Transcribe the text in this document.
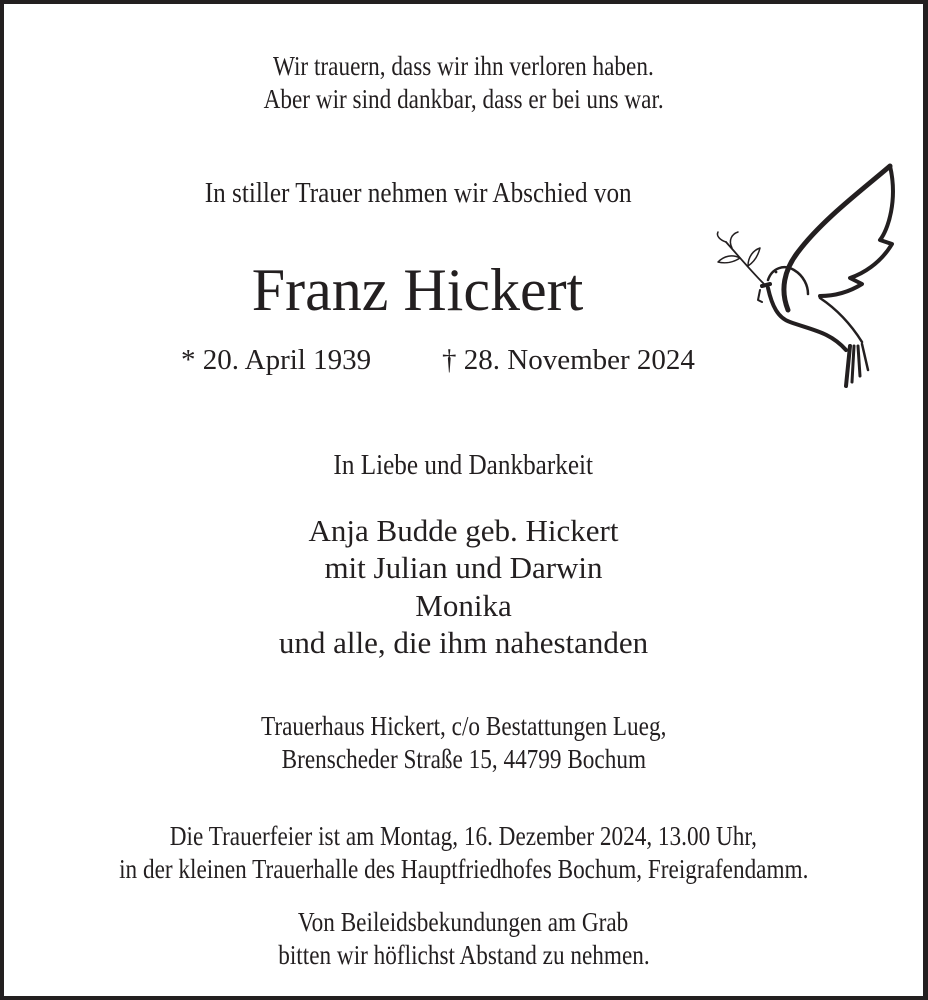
Wir trauern, dass wir ihn verloren haben.
Aber wir sind dankbar, dass er bei uns war.
In stiller Trauer nehmen wir Abschied von
Franz Hickert
* 20. April 1939 † 28. November 2024
In Liebe und Dankbarkeit
Anja Budde geb. Hickert
mit Julian und Darwin
Monika
und alle, die ihm nahestanden
Trauerhaus Hickert, c/o Bestattungen Lueg,
Brenscheder Straße 15, 44799 Bochum
Die Trauerfeier ist am Montag, 16. Dezember 2024, 13.00 Uhr,
in der kleinen Trauerhalle des Hauptfriedhofes Bochum, Freigrafendamm.
Von Beileidsbekundungen am Grab
bitten wir höflichst Abstand zu nehmen.
